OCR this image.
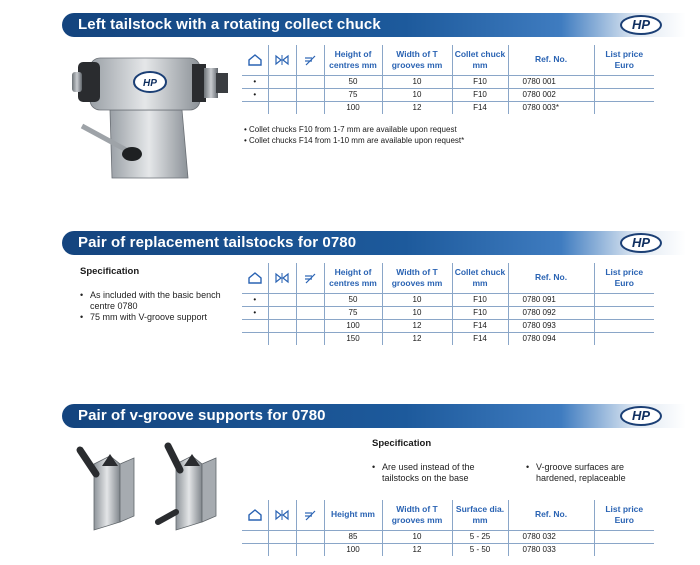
Left tailstock with a rotating collect chuck	HP
HP

	Height of centres mm	Width of T grooves mm	Collet chuck mm	Ref. No.	List price Euro
•			50	10	F10	0780 001	
•			75	10	F10	0780 002	
			100	12	F14	0780 003*	
• Collet chucks F10 from 1-7 mm are available upon request
• Collet chucks F14 from 1-10 mm are available upon request*
Pair of replacement tailstocks for 0780	HP
Specification
• As included with the basic bench centre 0780
• 75 mm with V-groove support

	Height of centres mm	Width of T grooves mm	Collet chuck mm	Ref. No.	List price Euro
•			50	10	F10	0780 091	
•			75	10	F10	0780 092	
			100	12	F14	0780 093	
			150	12	F14	0780 094	
Pair of v-groove supports for 0780	HP
Specification
• Are used instead of the tailstocks on the base
• V-groove surfaces are hardened, replaceable

	Height mm	Width of T grooves mm	Surface dia. mm	Ref. No.	List price Euro
			85	10	5 - 25	0780 032	
			100	12	5 - 50	0780 033	
